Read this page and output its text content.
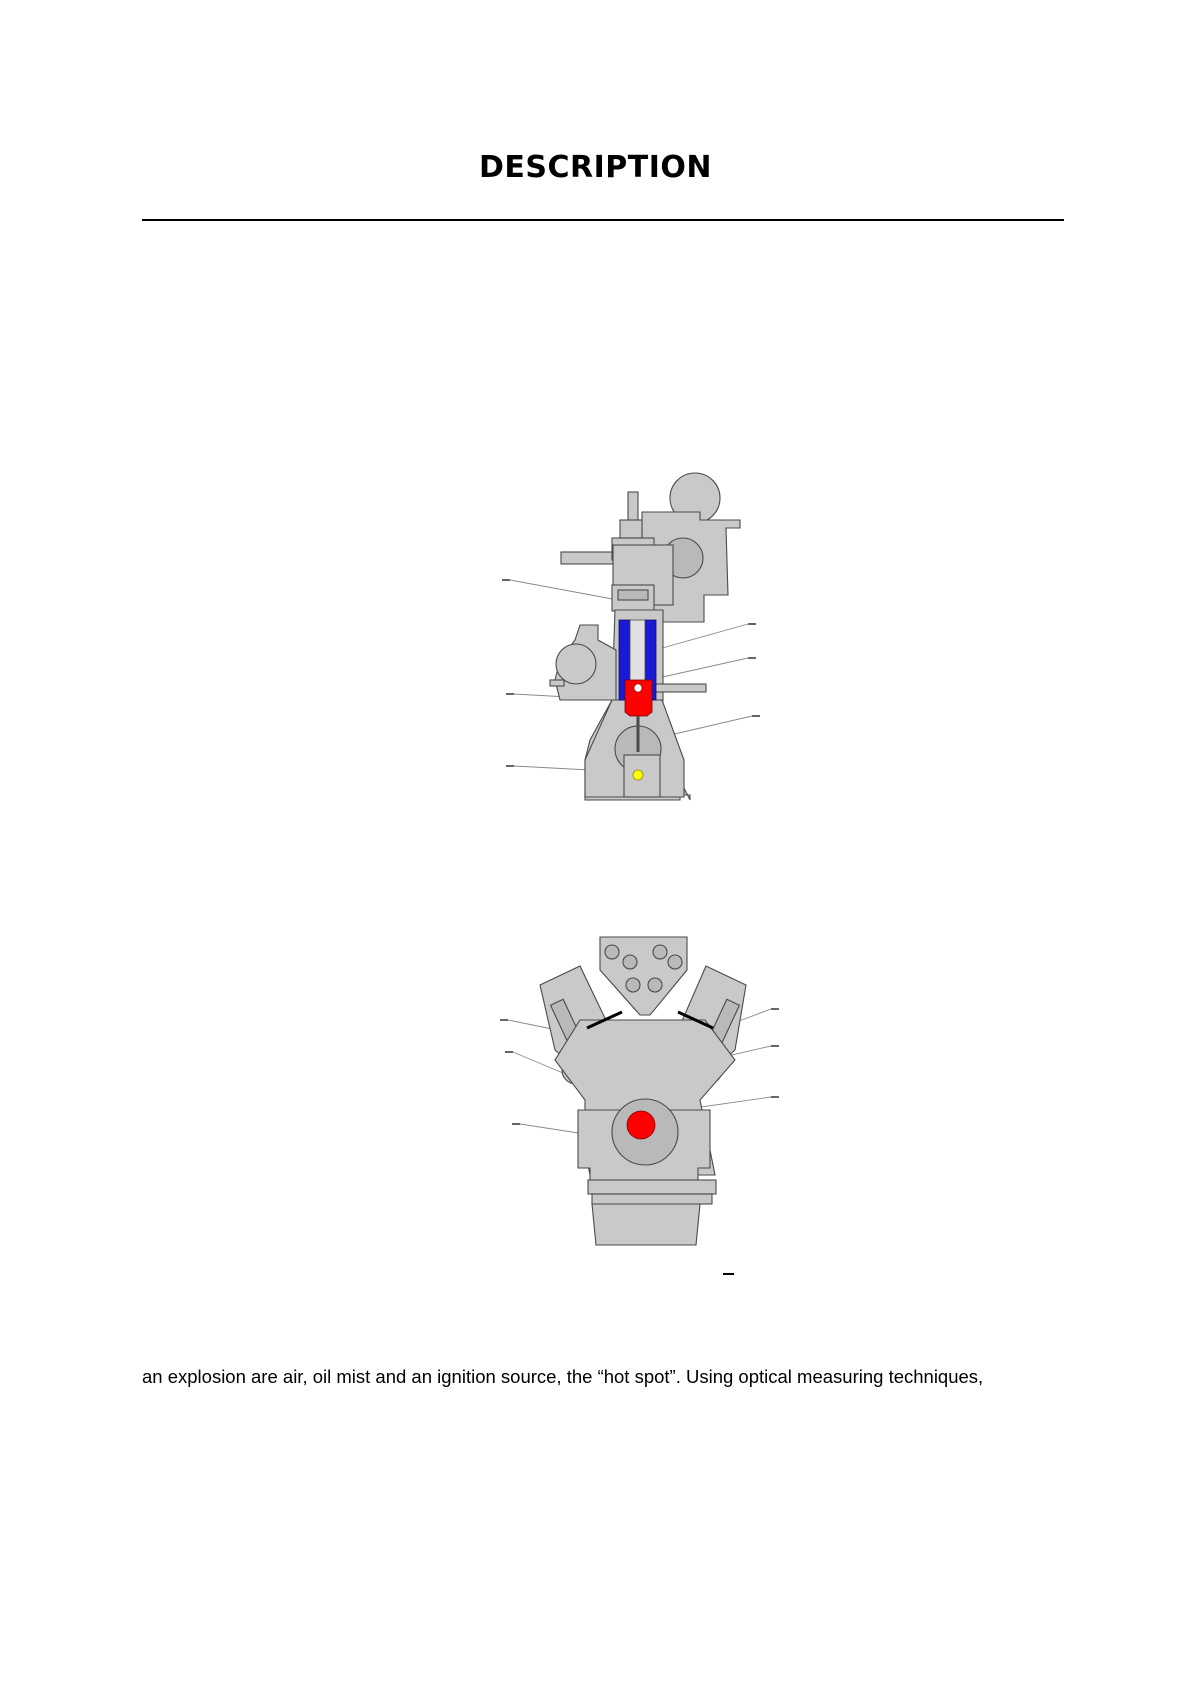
DESCRIPTION

an explosion are air, oil mist and an ignition source, the “hot spot”. Using optical measuring techniques,
